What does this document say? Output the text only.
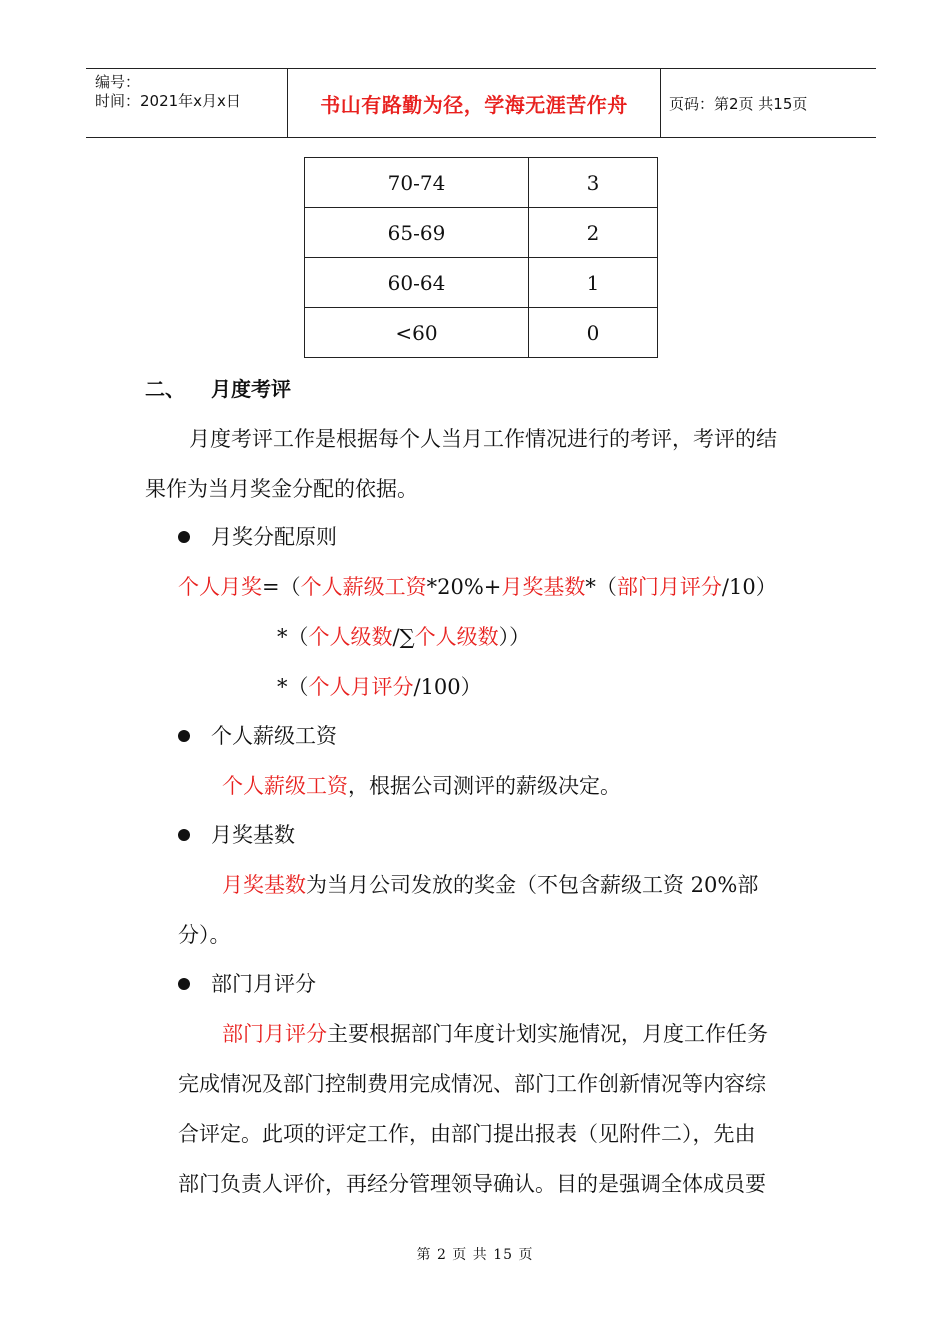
编号：
时间：2021年x月x日	书山有路勤为径，学海无涯苦作舟	页码：第2页 共15页
70-74	3
65-69	2
60-64	1
<60	0
二、 月度考评
月度考评工作是根据每个人当月工作情况进行的考评，考评的结
果作为当月奖金分配的依据。
月奖分配原则
个人月奖=（个人薪级工资*20%+月奖基数*（部门月评分/10）
*（个人级数/∑个人级数））
*（个人月评分/100）
个人薪级工资
个人薪级工资，根据公司测评的薪级决定。
月奖基数
月奖基数为当月公司发放的奖金（不包含薪级工资 20%部
分）。
部门月评分
部门月评分主要根据部门年度计划实施情况，月度工作任务
完成情况及部门控制费用完成情况、部门工作创新情况等内容综
合评定。此项的评定工作，由部门提出报表（见附件二），先由
部门负责人评价，再经分管理领导确认。目的是强调全体成员要
第 2 页 共 15 页
